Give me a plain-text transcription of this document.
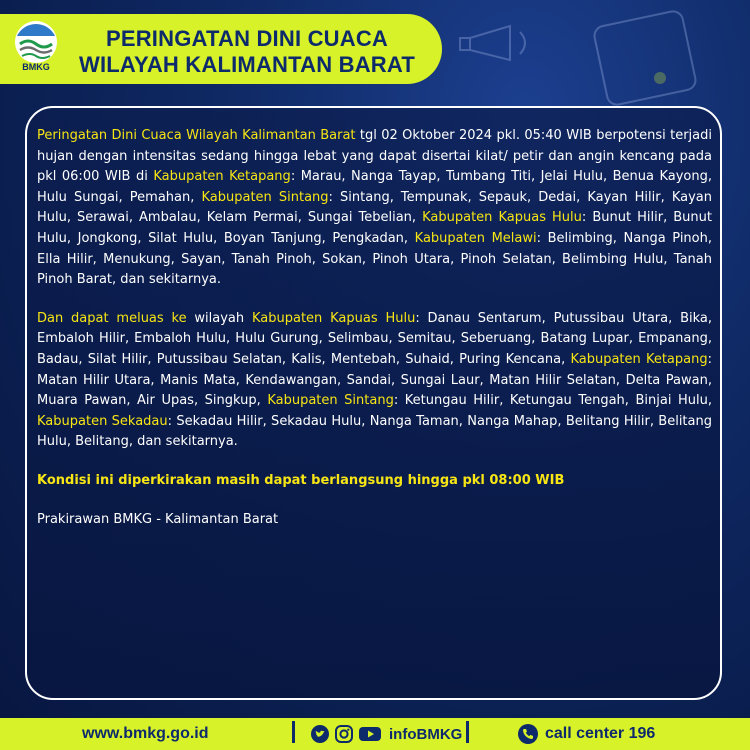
BMKG
PERINGATAN DINI CUACA
WILAYAH KALIMANTAN BARAT

Peringatan Dini Cuaca Wilayah Kalimantan Barat tgl 02 Oktober 2024 pkl. 05:40 WIB berpotensi terjadi hujan dengan intensitas sedang hingga lebat yang dapat disertai kilat/ petir dan angin kencang pada pkl 06:00 WIB di Kabupaten Ketapang: Marau, Nanga Tayap, Tumbang Titi, Jelai Hulu, Benua Kayong, Hulu Sungai, Pemahan, Kabupaten Sintang: Sintang, Tempunak, Sepauk, Dedai, Kayan Hilir, Kayan Hulu, Serawai, Ambalau, Kelam Permai, Sungai Tebelian, Kabupaten Kapuas Hulu: Bunut Hilir, Bunut Hulu, Jongkong, Silat Hulu, Boyan Tanjung, Pengkadan, Kabupaten Melawi: Belimbing, Nanga Pinoh, Ella Hilir, Menukung, Sayan, Tanah Pinoh, Sokan, Pinoh Utara, Pinoh Selatan, Belimbing Hulu, Tanah Pinoh Barat, dan sekitarnya.

Dan dapat meluas ke wilayah Kabupaten Kapuas Hulu: Danau Sentarum, Putussibau Utara, Bika, Embaloh Hilir, Embaloh Hulu, Hulu Gurung, Selimbau, Semitau, Seberuang, Batang Lupar, Empanang, Badau, Silat Hilir, Putussibau Selatan, Kalis, Mentebah, Suhaid, Puring Kencana, Kabupaten Ketapang: Matan Hilir Utara, Manis Mata, Kendawangan, Sandai, Sungai Laur, Matan Hilir Selatan, Delta Pawan, Muara Pawan, Air Upas, Singkup, Kabupaten Sintang: Ketungau Hilir, Ketungau Tengah, Binjai Hulu, Kabupaten Sekadau: Sekadau Hilir, Sekadau Hulu, Nanga Taman, Nanga Mahap, Belitang Hilir, Belitang Hulu, Belitang, dan sekitarnya.

Kondisi ini diperkirakan masih dapat berlangsung hingga pkl 08:00 WIB

Prakirawan BMKG - Kalimantan Barat

www.bmkg.go.id	infoBMKG	call center 196
